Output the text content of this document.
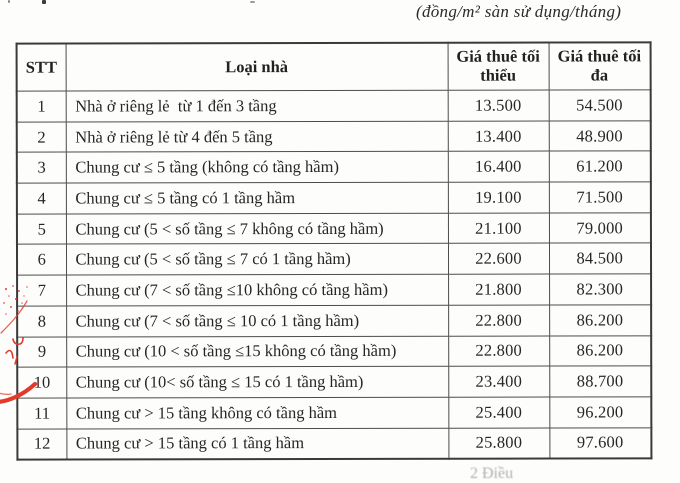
(đồng/m² sàn sử dụng/tháng)
STT	Loại nhà	Giá thuê tối thiểu	Giá thuê tối đa
1	Nhà ở riêng lẻ  từ 1 đến 3 tầng	13.500	54.500
2	Nhà ở riêng lẻ từ 4 đến 5 tầng	13.400	48.900
3	Chung cư ≤ 5 tầng (không có tầng hầm)	16.400	61.200
4	Chung cư ≤ 5 tầng có 1 tầng hầm	19.100	71.500
5	Chung cư (5 < số tầng ≤ 7 không có tầng hầm)	21.100	79.000
6	Chung cư (5 < số tầng ≤ 7 có 1 tầng hầm)	22.600	84.500
7	Chung cư (7 < số tầng ≤10 không có tầng hầm)	21.800	82.300
8	Chung cư (7 < số tầng ≤ 10 có 1 tầng hầm)	22.800	86.200
9	Chung cư (10 < số tầng ≤15 không có tầng hầm)	22.800	86.200
10	Chung cư (10< số tầng ≤ 15 có 1 tầng hầm)	23.400	88.700
11	Chung cư > 15 tầng không có tầng hầm	25.400	96.200
12	Chung cư > 15 tầng có 1 tầng hầm	25.800	97.600
2 Điều
